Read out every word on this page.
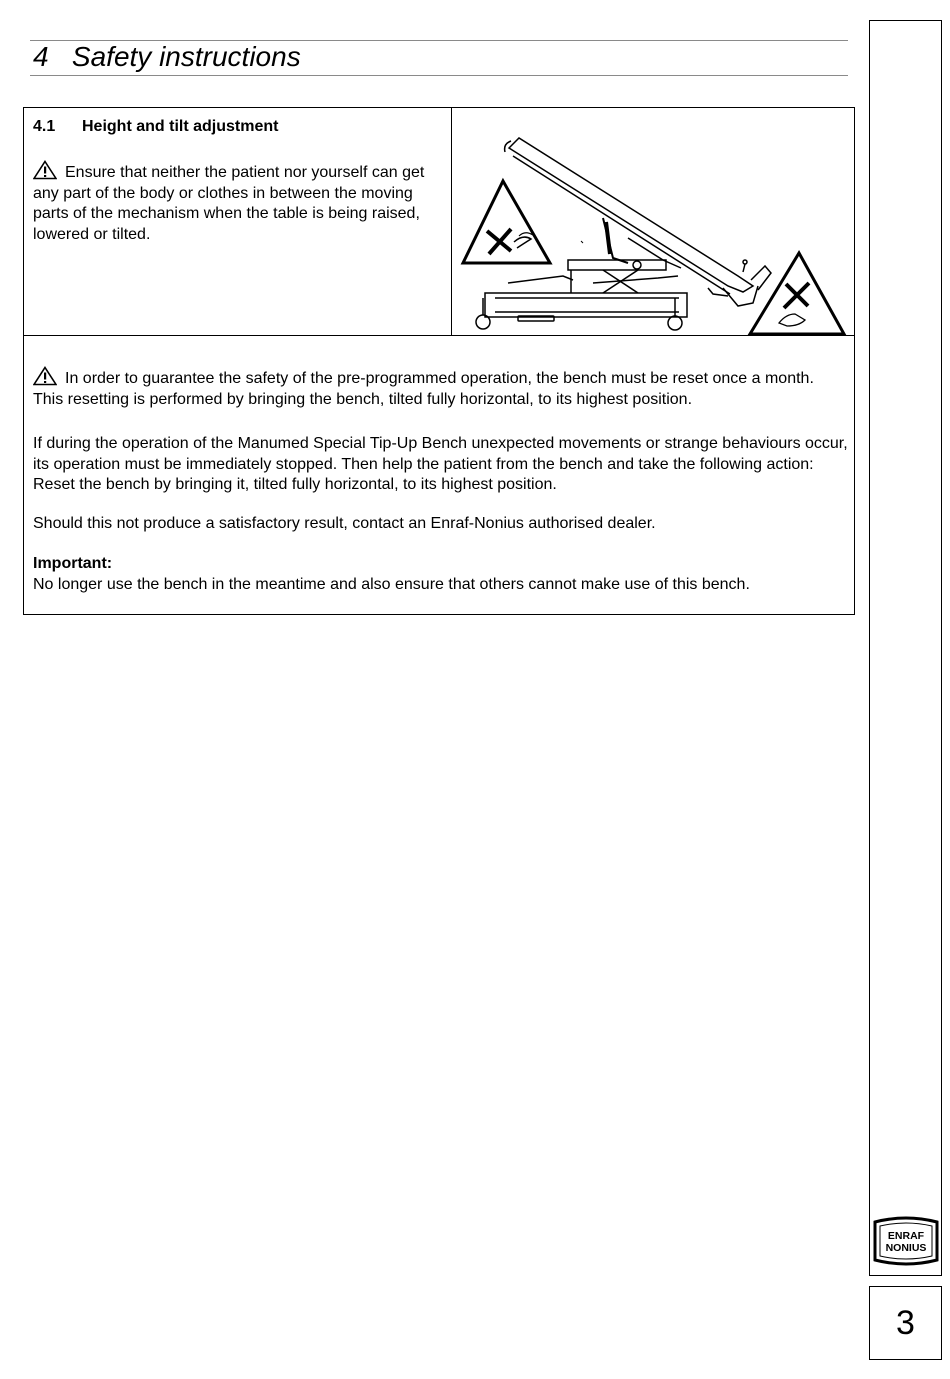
4 Safety instructions
ENRAF
NONIUS
3
4.1 Height and tilt adjustment
Ensure that neither the patient nor yourself can get any part of the body or clothes in between the moving parts of the mechanism when the table is being raised, lowered or tilted.

In order to guarantee the safety of the pre-programmed operation, the bench must be reset once a month. This resetting is performed by bringing the bench, tilted fully horizontal, to its highest position.

If during the operation of the Manumed Special Tip-Up Bench unexpected movements or strange behaviours occur, its operation must be immediately stopped. Then help the patient from the bench and take the following action: Reset the bench by bringing it, tilted fully horizontal, to its highest position.

Should this not produce a satisfactory result, contact an Enraf-Nonius authorised dealer.

Important:
No longer use the bench in the meantime and also ensure that others cannot make use of this bench.
